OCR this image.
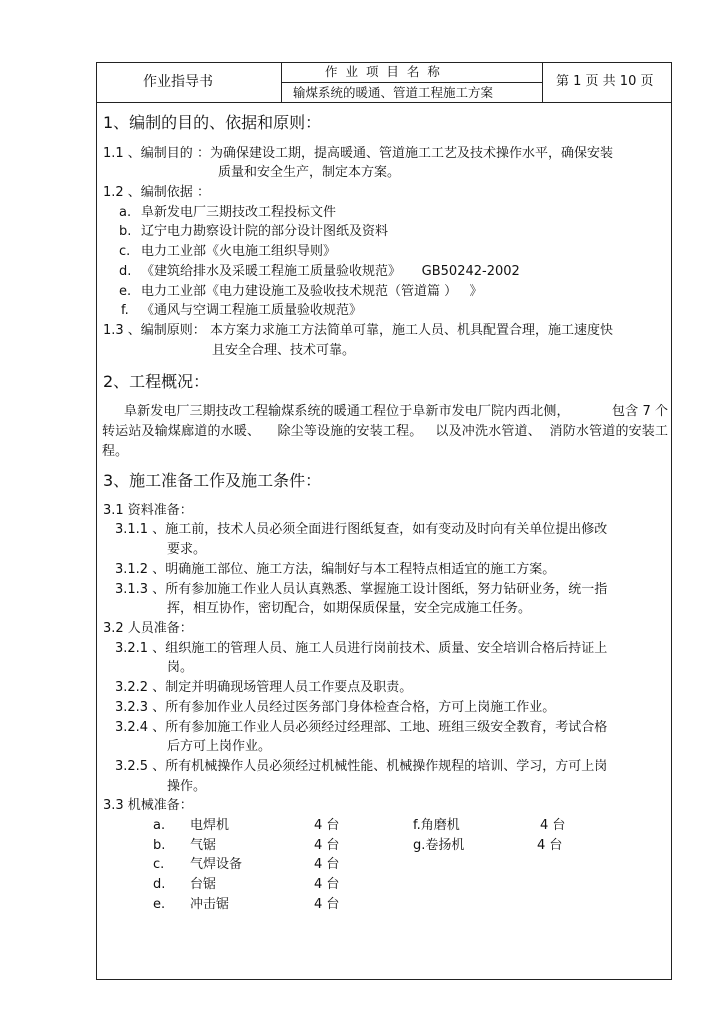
作业指导书
作 业 项 目 名 称
输煤系统的暖通、管道工程施工方案
第 1 页 共 10 页
1、编制的目的、依据和原则：
1.1 、编制目的 ：为确保建设工期，提高暖通、管道施工工艺及技术操作水平，确保安装
质量和安全生产，制定本方案。
1.2 、编制依据 ：
a. 阜新发电厂三期技改工程投标文件
b. 辽宁电力勘察设计院的部分设计图纸及资料
c. 电力工业部《火电施工组织导则》
d. 《建筑给排水及采暖工程施工质量验收规范》     GB50242-2002
e. 电力工业部《电力建设施工及验收技术规范（管道篇 ）   》
f. 《通风与空调工程施工质量验收规范》
1.3 、编制原则： 本方案力求施工方法简单可靠，施工人员、机具配置合理，施工速度快
且安全合理、技术可靠。
2、工程概况：
阜新发电厂三期技改工程输煤系统的暖通工程位于阜新市发电厂院内西北侧，          包含 7 个转运站及输煤廊道的水暖、    除尘等设施的安装工程。   以及冲洗水管道、  消防水管道的安装工程。
3、施工准备工作及施工条件：
3.1 资料准备：
3.1.1 、施工前，技术人员必须全面进行图纸复查，如有变动及时向有关单位提出修改
要求。
3.1.2 、明确施工部位、施工方法，编制好与本工程特点相适宜的施工方案。
3.1.3 、所有参加施工作业人员认真熟悉、掌握施工设计图纸，努力钻研业务，统一指
挥，相互协作，密切配合，如期保质保量，安全完成施工任务。
3.2 人员准备：
3.2.1 、组织施工的管理人员、施工人员进行岗前技术、质量、安全培训合格后持证上
岗。
3.2.2 、制定并明确现场管理人员工作要点及职责。
3.2.3 、所有参加作业人员经过医务部门身体检查合格，方可上岗施工作业。
3.2.4 、所有参加施工作业人员必须经过经理部、工地、班组三级安全教育，考试合格
后方可上岗作业。
3.2.5 、所有机械操作人员必须经过机械性能、机械操作规程的培训、学习，方可上岗
操作。
3.3 机械准备：
a. 电焊机	4 台	f.角磨机	4 台
b. 气锯	4 台	g.卷扬机	4 台
c. 气焊设备	4 台
d. 台锯	4 台
e. 冲击锯	4 台
